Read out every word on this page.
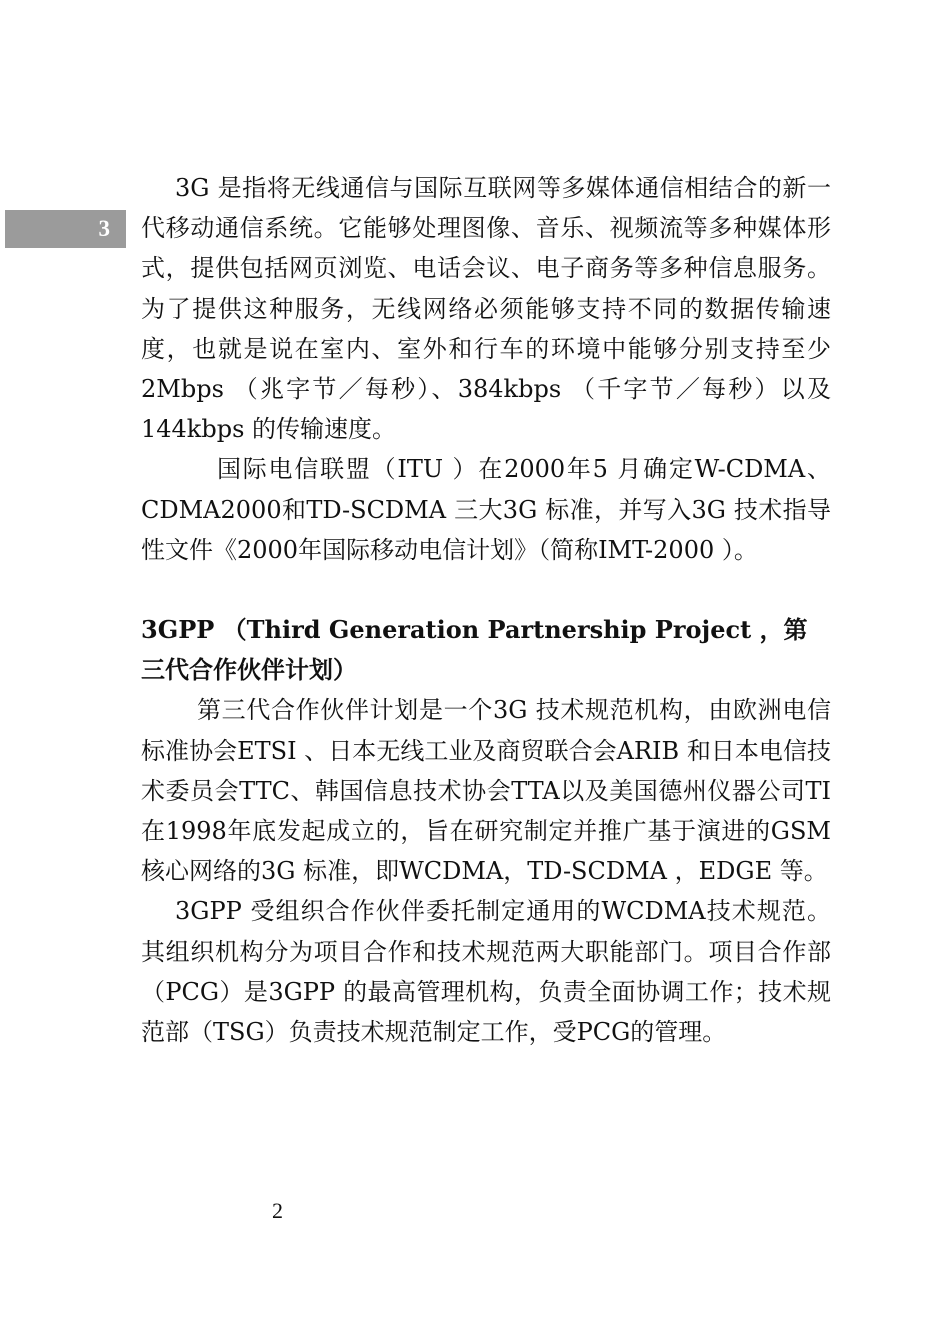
3

3G 是指将无线通信与国际互联网等多媒体通信相结合的新一代移动通信系统。它能够处理图像、音乐、视频流等多种媒体形式，提供包括网页浏览、电话会议、电子商务等多种信息服务。为了提供这种服务，无线网络必须能够支持不同的数据传输速度，也就是说在室内、室外和行车的环境中能够分别支持至少2Mbps （兆字节／每秒）、384kbps （千字节／每秒）以及144kbps 的传输速度。

国际电信联盟（ITU ）在2000年5 月确定W-CDMA、CDMA2000和TD-SCDMA 三大3G 标准，并写入3G 技术指导性文件《2000年国际移动电信计划》（简称IMT-2000 ）。

3GPP （Third Generation Partnership Project ，第三代合作伙伴计划）

第三代合作伙伴计划是一个3G 技术规范机构，由欧洲电信标准协会ETSI 、日本无线工业及商贸联合会ARIB 和日本电信技术委员会TTC、韩国信息技术协会TTA以及美国德州仪器公司TI在1998年底发起成立的，旨在研究制定并推广基于演进的GSM 核心网络的3G 标准，即WCDMA，TD-SCDMA ，EDGE 等。

3GPP 受组织合作伙伴委托制定通用的WCDMA技术规范。其组织机构分为项目合作和技术规范两大职能部门。项目合作部（PCG）是3GPP 的最高管理机构，负责全面协调工作；技术规范部（TSG）负责技术规范制定工作，受PCG的管理。

2
